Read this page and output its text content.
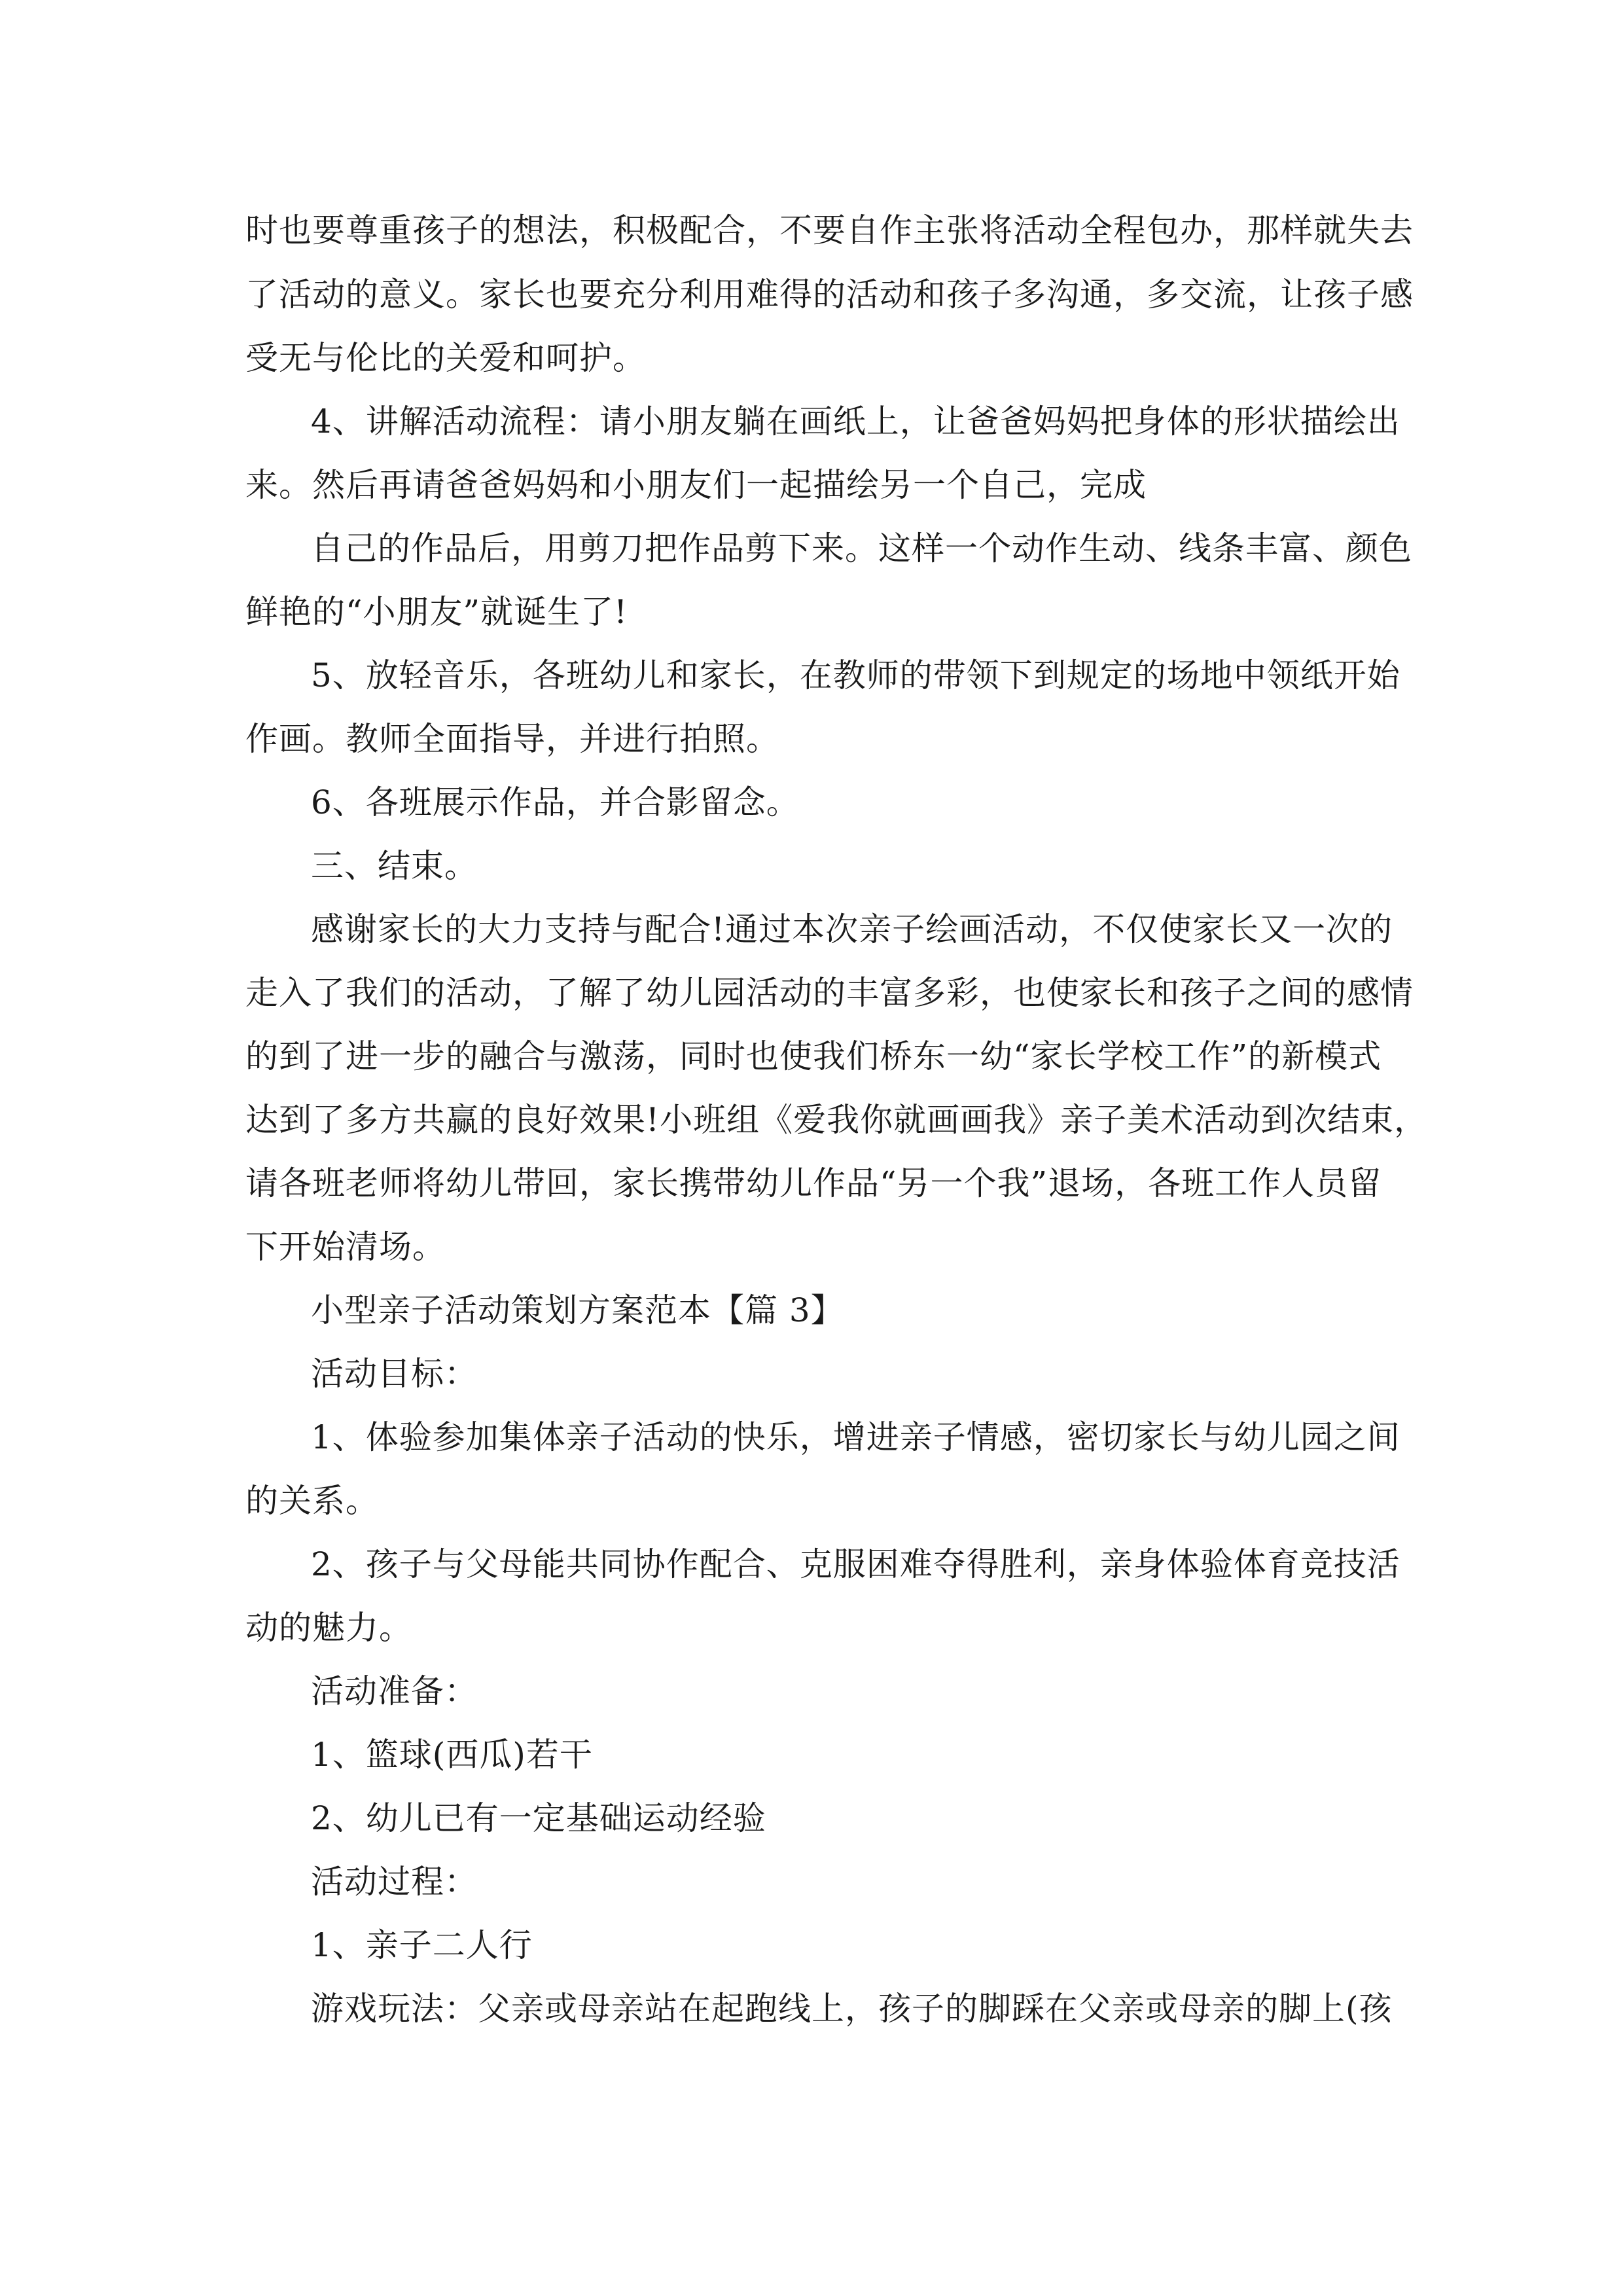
时也要尊重孩子的想法，积极配合，不要自作主张将活动全程包办，那样就失去
了活动的意义。家长也要充分利用难得的活动和孩子多沟通，多交流，让孩子感
受无与伦比的关爱和呵护。
4、讲解活动流程：请小朋友躺在画纸上，让爸爸妈妈把身体的形状描绘出
来。然后再请爸爸妈妈和小朋友们一起描绘另一个自己，完成
自己的作品后，用剪刀把作品剪下来。这样一个动作生动、线条丰富、颜色
鲜艳的“小朋友”就诞生了!
5、放轻音乐，各班幼儿和家长，在教师的带领下到规定的场地中领纸开始
作画。教师全面指导，并进行拍照。
6、各班展示作品，并合影留念。
三、结束。
感谢家长的大力支持与配合!通过本次亲子绘画活动，不仅使家长又一次的
走入了我们的活动，了解了幼儿园活动的丰富多彩，也使家长和孩子之间的感情
的到了进一步的融合与激荡，同时也使我们桥东一幼“家长学校工作”的新模式
达到了多方共赢的良好效果!小班组《爱我你就画画我》亲子美术活动到次结束，
请各班老师将幼儿带回，家长携带幼儿作品“另一个我”退场，各班工作人员留
下开始清场。
小型亲子活动策划方案范本【篇 3】
活动目标：
1、体验参加集体亲子活动的快乐，增进亲子情感，密切家长与幼儿园之间
的关系。
2、孩子与父母能共同协作配合、克服困难夺得胜利，亲身体验体育竞技活
动的魅力。
活动准备：
1、篮球(西瓜)若干
2、幼儿已有一定基础运动经验
活动过程：
1、亲子二人行
游戏玩法：父亲或母亲站在起跑线上，孩子的脚踩在父亲或母亲的脚上(孩
